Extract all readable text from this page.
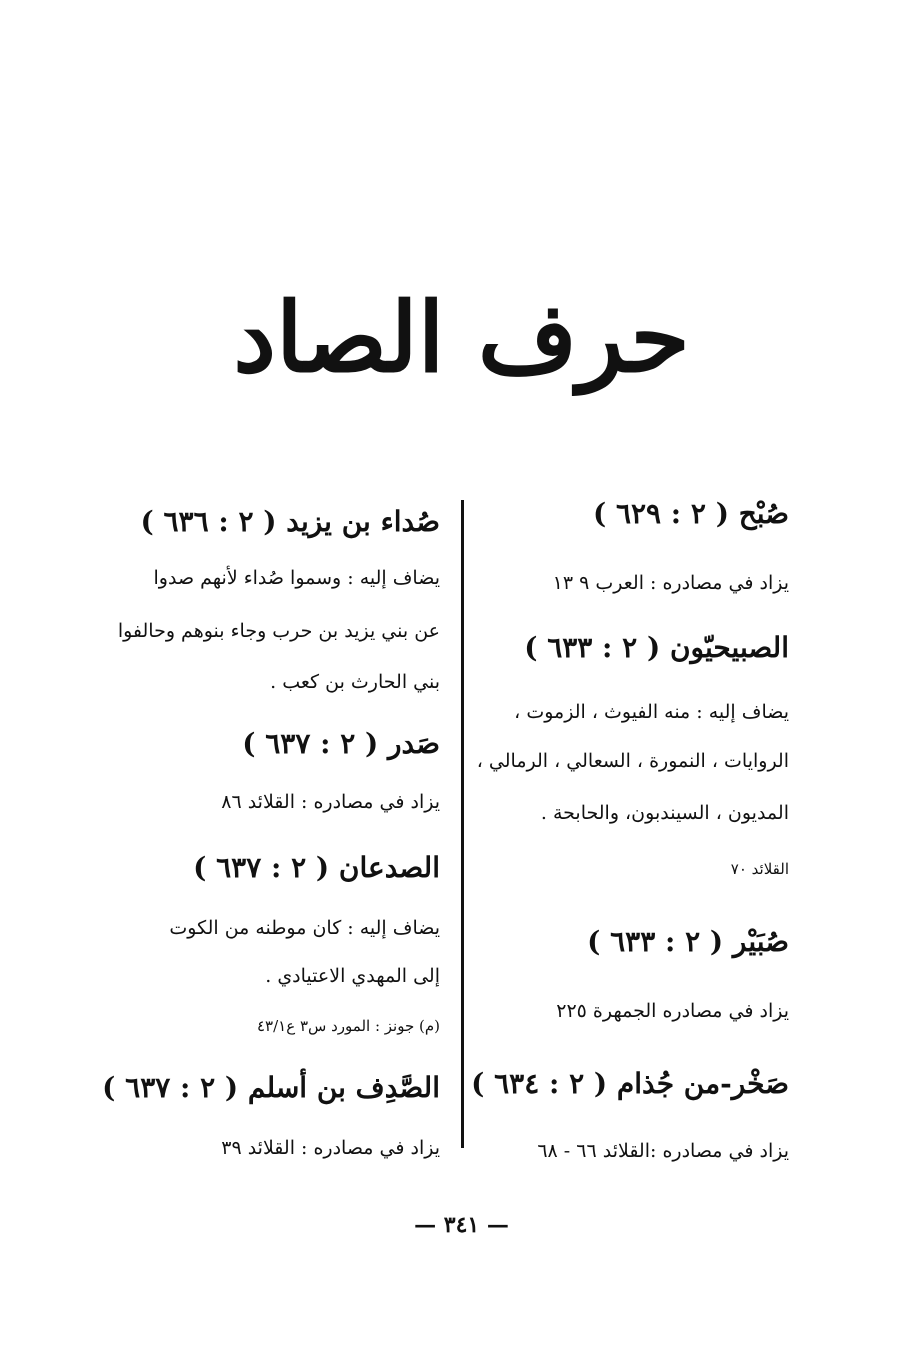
حرف الصاد
صُبْح ( ٢ : ٦٢٩ )
يزاد في مصادره : العرب ٩ ١٣
الصبيحيّون ( ٢ : ٦٣٣ )
يضاف إليه : منه الفيوث ، الزموت ،
الروايات ، النمورة ، السعالي ، الرمالي ،
المديون ، السيندبون، والحابحة .
القلائد ٧٠
صُبَيْر ( ٢ : ٦٣٣ )
يزاد في مصادره الجمهرة ٢٢٥
صَخْر-من جُذام ( ٢ : ٦٣٤ )
يزاد في مصادره :القلائد ٦٦ - ٦٨
صُداء بن يزيد ( ٢ : ٦٣٦ )
يضاف إليه : وسموا صُداء لأنهم صدوا
عن بني يزيد بن حرب وجاء بنوهم وحالفوا
بني الحارث بن كعب .
صَدر ( ٢ : ٦٣٧ )
يزاد في مصادره : القلائد ٨٦
الصدعان ( ٢ : ٦٣٧ )
يضاف إليه : كان موطنه من الكوت
إلى المهدي الاعتيادي .
(م) جونز : المورد س٣ ع٤٣/١
الصَّدِف بن أسلم ( ٢ : ٦٣٧ )
يزاد في مصادره : القلائد ٣٩
— ٣٤١ —
